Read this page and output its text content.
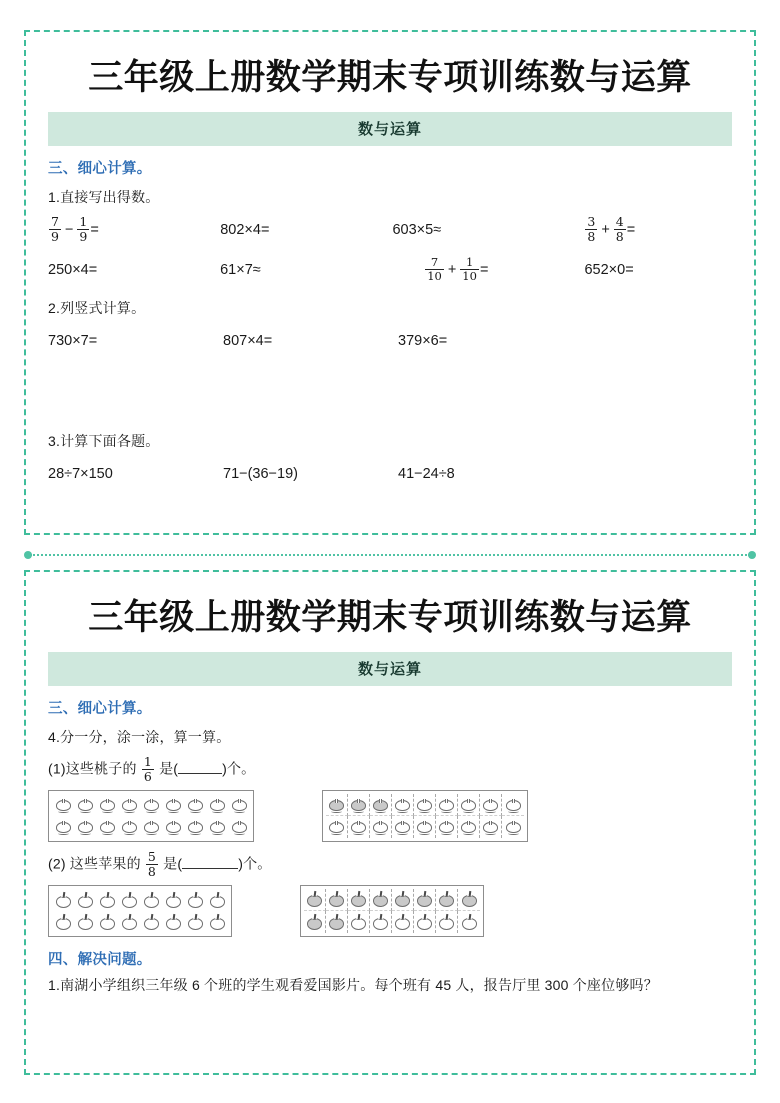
三年级上册数学期末专项训练数与运算
数与运算
三、细心计算。
1.直接写出得数。
$\frac{7}{9} - \frac{1}{9}$ =	802×4=	603×5≈	$\frac{3}{8} + \frac{4}{8}$ =
250×4=	61×7≈	$\frac{7}{10} + \frac{1}{10}$ =	652×0=
2.列竖式计算。
730×7=	807×4=	379×6=
3.计算下面各题。
28÷7×150	71−(36−19)	41−24÷8
三年级上册数学期末专项训练数与运算
数与运算
三、细心计算。
4.分一分，涂一涂，算一算。
(1)这些桃子的 $\frac{1}{6}$ 是(	)个。
(2) 这些苹果的 $\frac{5}{8}$ 是(	)个。
四、解决问题。
1.南湖小学组织三年级 6 个班的学生观看爱国影片。每个班有 45 人，报告厅里 300 个座位够吗？
